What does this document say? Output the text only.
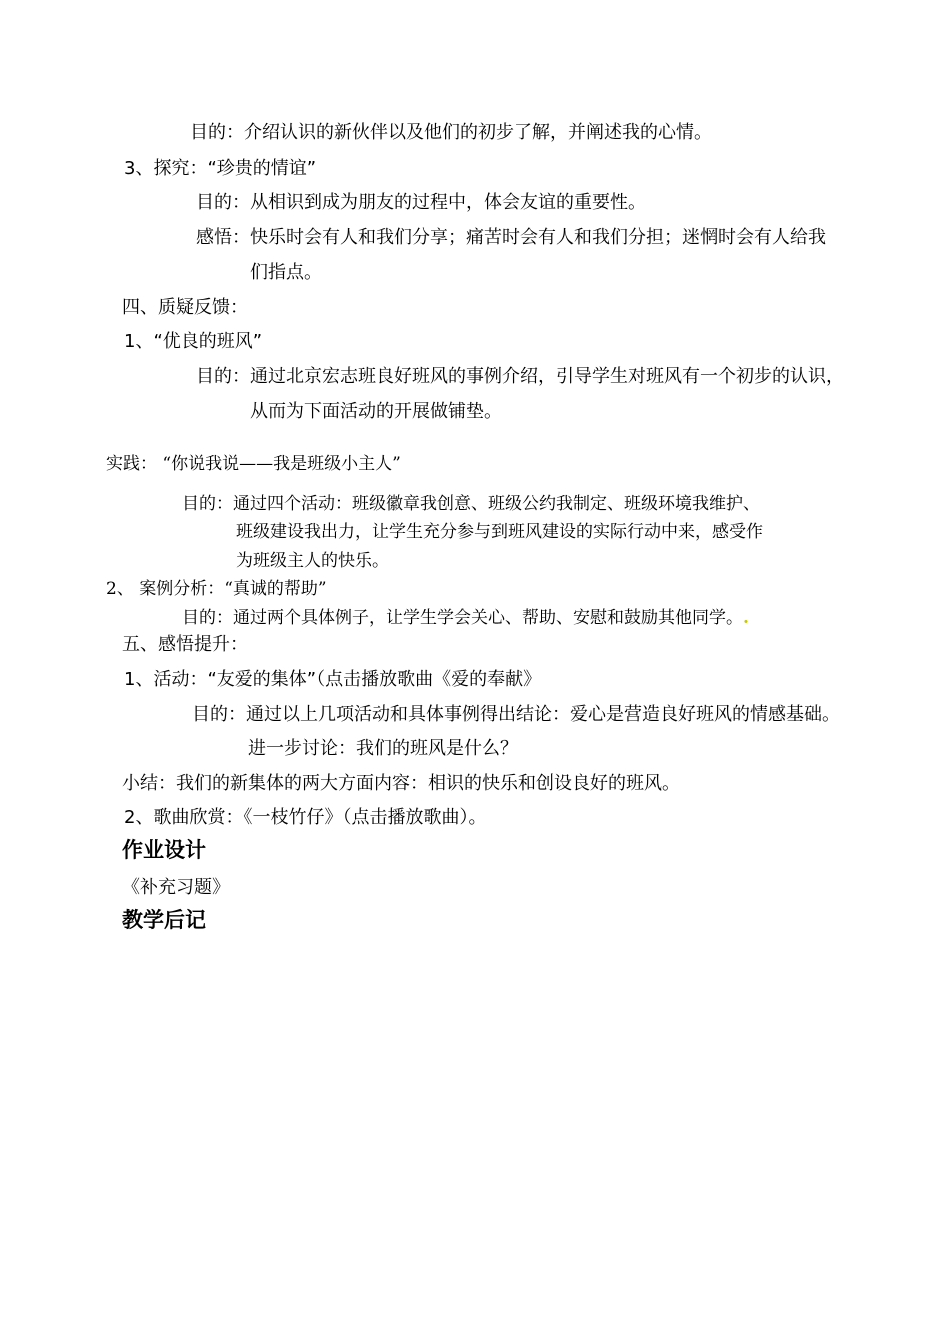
目的：介绍认识的新伙伴以及他们的初步了解，并阐述我的心情。
3、探究：“珍贵的情谊”
目的：从相识到成为朋友的过程中，体会友谊的重要性。
感悟：快乐时会有人和我们分享；痛苦时会有人和我们分担；迷惘时会有人给我
们指点。
四、质疑反馈：
1、“优良的班风”
目的：通过北京宏志班良好班风的事例介绍，引导学生对班风有一个初步的认识，
从而为下面活动的开展做铺垫。
实践： “你说我说——我是班级小主人”
目的：通过四个活动：班级徽章我创意、班级公约我制定、班级环境我维护、
班级建设我出力，让学生充分参与到班风建设的实际行动中来，感受作
为班级主人的快乐。
2、 案例分析：“真诚的帮助”
目的：通过两个具体例子，让学生学会关心、帮助、安慰和鼓励其他同学。.
五、感悟提升：
1、活动：“友爱的集体”（点击播放歌曲《爱的奉献》
目的：通过以上几项活动和具体事例得出结论：爱心是营造良好班风的情感基础。
进一步讨论：我们的班风是什么？
小结：我们的新集体的两大方面内容：相识的快乐和创设良好的班风。
2、歌曲欣赏：《一枝竹仔》（点击播放歌曲）。
作业设计
《补充习题》
教学后记
